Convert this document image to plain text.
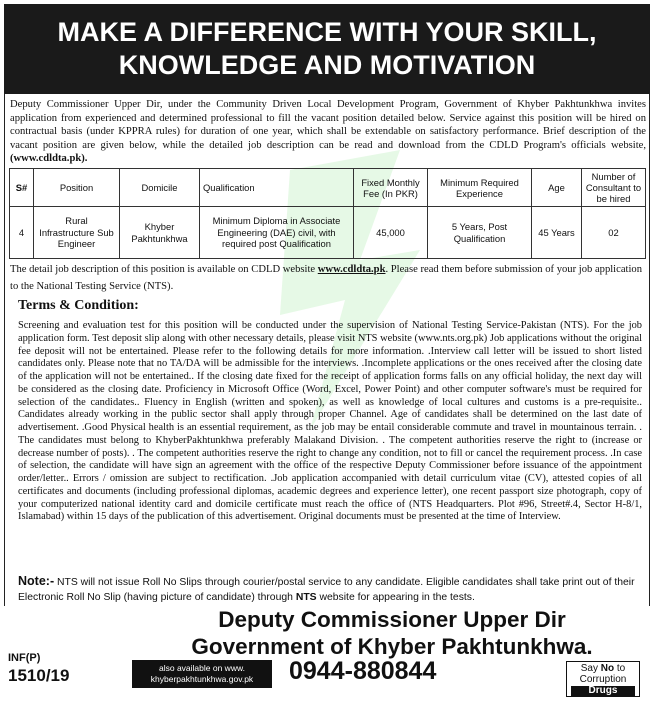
MAKE A DIFFERENCE WITH YOUR SKILL,
KNOWLEDGE AND MOTIVATION
Deputy Commissioner Upper Dir, under the Community Driven Local Development Program, Government of Khyber Pakhtunkhwa invites application from experienced and determined professional to fill the vacant position detailed below. Service against this position will be hired on contractual basis (under KPPRA rules) for duration of one year, which shall be extendable on satisfactory performance. Brief description of the vacant position are given below, while the detailed job description can be read and download from the CDLD Program's officials website, (www.cdldta.pk).
S#	Position	Domicile	Qualification	Fixed Monthly Fee (In PKR)	Minimum Required Experience	Age	Number of Consultant to be hired
4	Rural Infrastructure Sub Engineer	Khyber Pakhtunkhwa	Minimum Diploma in Associate Engineering (DAE) civil, with required post Qualification	45,000	5 Years, Post Qualification	45 Years	02
The detail job description of this position is available on CDLD website www.cdldta.pk. Please read them before submission of your job application to the National Testing Service (NTS).
Terms & Condition:
Screening and evaluation test for this position will be conducted under the supervision of National Testing Service-Pakistan (NTS). For the job application form. Test deposit slip along with other necessary details, please visit NTS website (www.nts.org.pk) Job applications without the original fee deposit will not be entertained. Please refer to the following details for more information. .Interview call letter will be issued to short listed candidates only. Please note that no TA/DA will be admissible for the interviews. .Incomplete applications or the ones received after the closing date of the application will not be entertained.. If the closing date fixed for the receipt of application forms falls on any official holiday, the next day will be considered as the closing date. Proficiency in Microsoft Office (Word, Excel, Power Point) and other computer software's must be required for selection of the candidates.. Fluency in English (written and spoken), as well as knowledge of local cultures and customs is a pre-requisite.. Candidates already working in the public sector shall apply through proper Channel. Age of candidates shall be determined on the last date of advertisement. .Good Physical health is an essential requirement, as the job may be entail considerable commute and travel in mountainous terrain. . The candidates must belong to KhyberPakhtunkhwa preferably Malakand Division. . The competent authorities reserve the right to (increase or decrease number of posts). . The competent authorities reserve the right to change any condition, not to fill or cancel the requirement process. .In case of selection, the candidate will have sign an agreement with the office of the respective Deputy Commissioner before issuance of the appointment order/letter.. Errors / omission are subject to rectification. .Job application accompanied with detail curriculum vitae (CV), attested copies of all certificates and documents (including professional diplomas, academic degrees and experience letter), one recent passport size photograph, copy of your computerized national identity card and domicile certificate must reach the office of (NTS Headquarters. Plot #96, Street#.4, Sector H-8/1, Islamabad) within 15 days of the publication of this advertisement. Original documents must be presented at the time of Interview.
Note:- NTS will not issue Roll No Slips through courier/postal service to any candidate. Eligible candidates shall take print out of their Electronic Roll No Slip (having picture of candidate) through NTS website for appearing in the tests.
Deputy Commissioner Upper Dir
Government of Khyber Pakhtunkhwa.
INF(P)
1510/19	also available on www.
khyberpakhtunkhwa.gov.pk	0944-880844	Say No to
Corruption
Drugs
